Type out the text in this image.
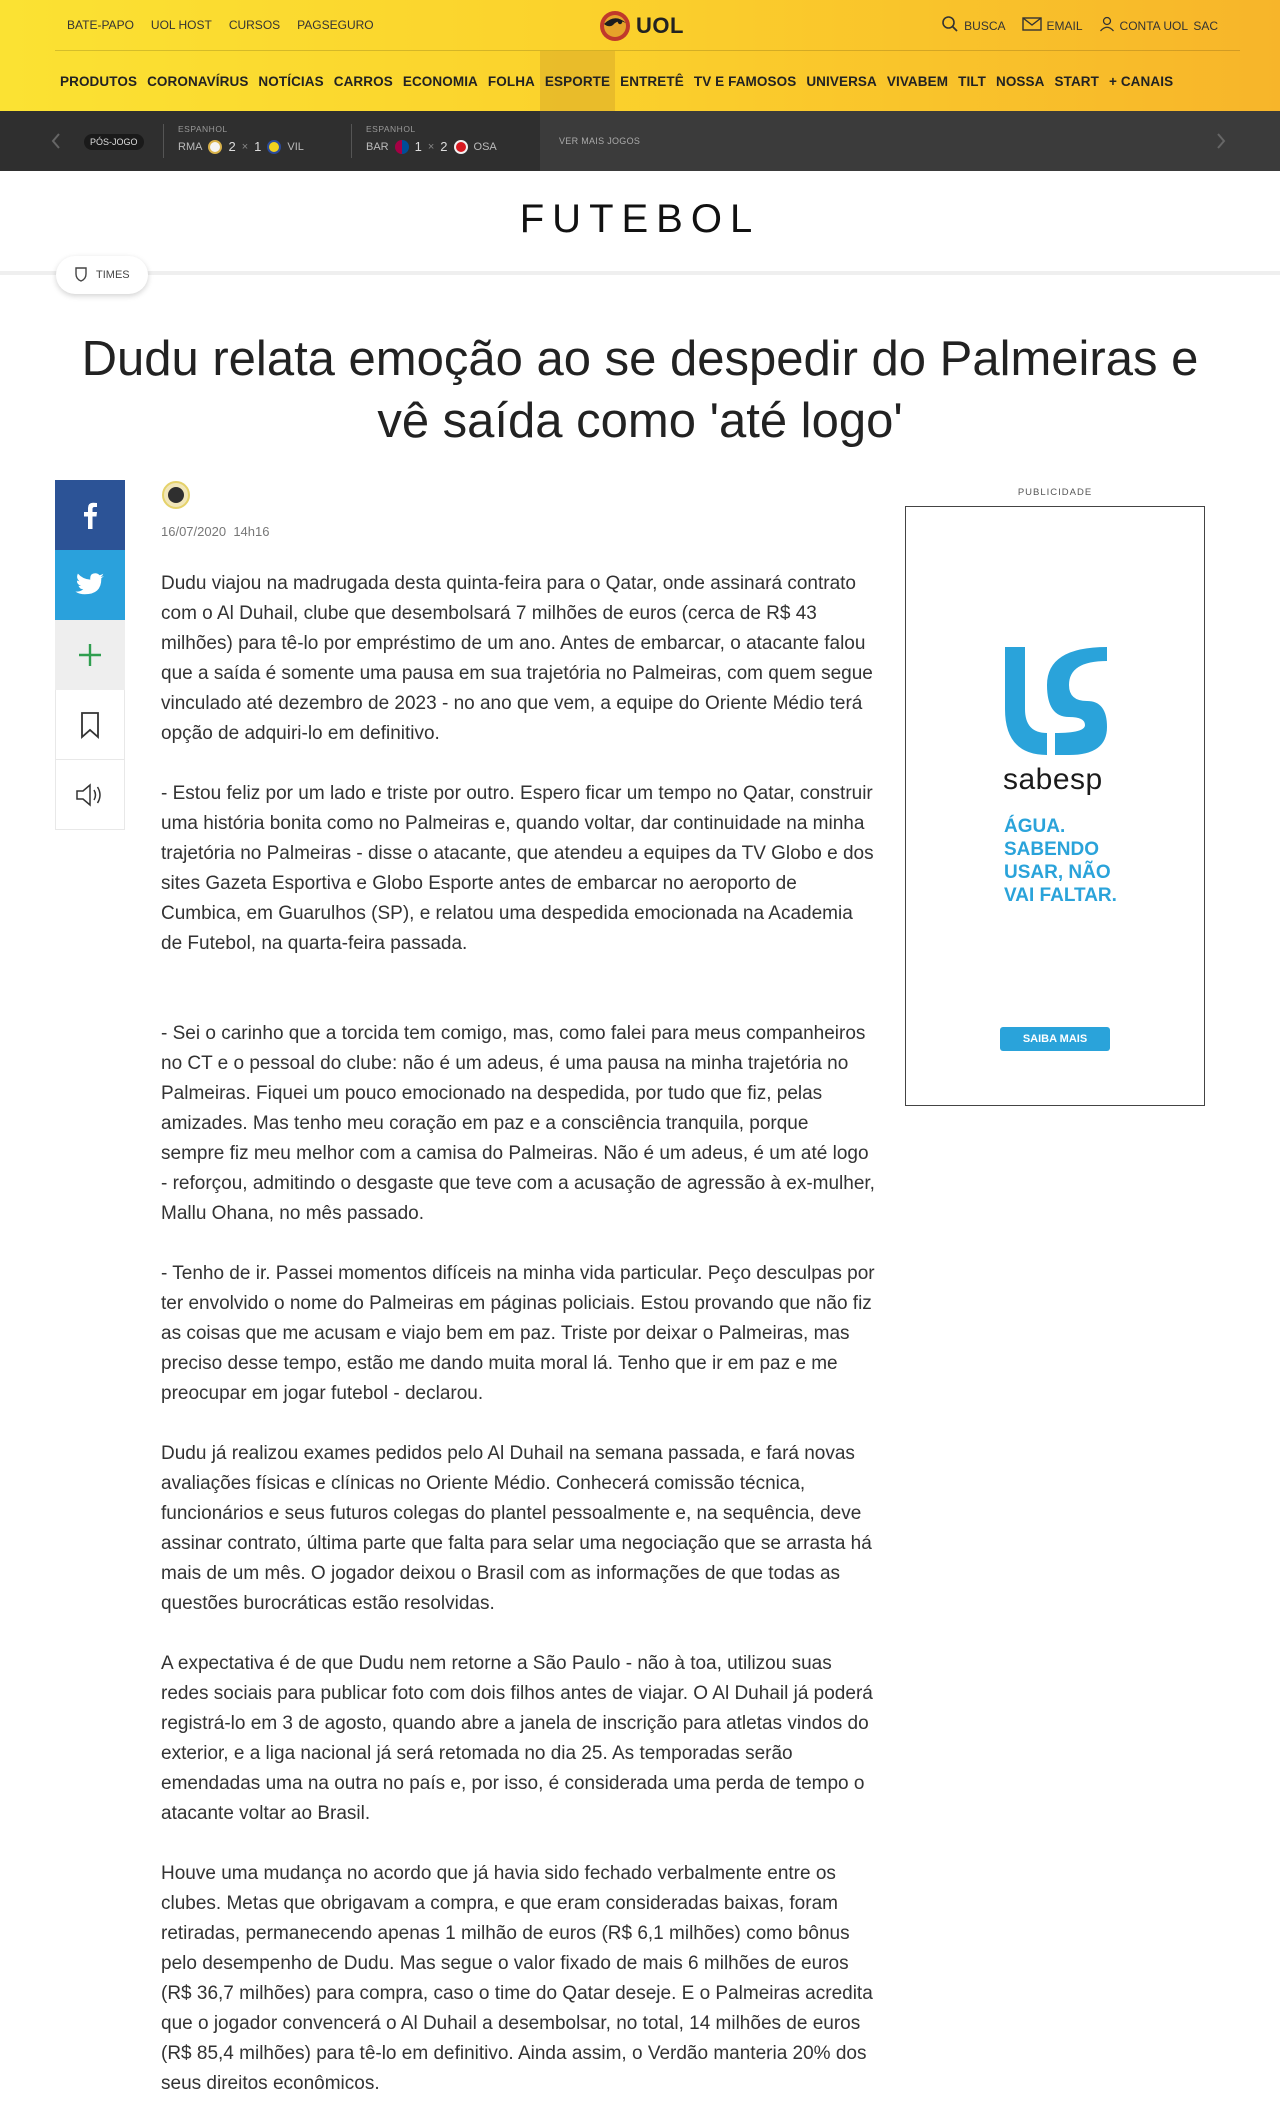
BATE-PAPO UOL HOST CURSOS PAGSEGURO	UOL	BUSCA	EMAIL	CONTA UOL SAC
PRODUTOS CORONAVÍRUS NOTÍCIAS CARROS ECONOMIA FOLHA ESPORTE ENTRETÊ TV E FAMOSOS UNIVERSA VIVABEM TILT NOSSA START + CANAIS
PÓS-JOGO
ESPANHOL
RMA 2 × 1 VIL
ESPANHOL
BAR 1 × 2 OSA	VER MAIS JOGOS
FUTEBOL
TIMES
Dudu relata emoção ao se despedir do Palmeiras e vê saída como 'até logo'
16/07/2020 14h16

Dudu viajou na madrugada desta quinta-feira para o Qatar, onde assinará contrato com o Al Duhail, clube que desembolsará 7 milhões de euros (cerca de R$ 43 milhões) para tê-lo por empréstimo de um ano. Antes de embarcar, o atacante falou que a saída é somente uma pausa em sua trajetória no Palmeiras, com quem segue vinculado até dezembro de 2023 - no ano que vem, a equipe do Oriente Médio terá opção de adquiri-lo em definitivo.

- Estou feliz por um lado e triste por outro. Espero ficar um tempo no Qatar, construir uma história bonita como no Palmeiras e, quando voltar, dar continuidade na minha trajetória no Palmeiras - disse o atacante, que atendeu a equipes da TV Globo e dos sites Gazeta Esportiva e Globo Esporte antes de embarcar no aeroporto de Cumbica, em Guarulhos (SP), e relatou uma despedida emocionada na Academia de Futebol, na quarta-feira passada.

- Sei o carinho que a torcida tem comigo, mas, como falei para meus companheiros no CT e o pessoal do clube: não é um adeus, é uma pausa na minha trajetória no Palmeiras. Fiquei um pouco emocionado na despedida, por tudo que fiz, pelas amizades. Mas tenho meu coração em paz e a consciência tranquila, porque sempre fiz meu melhor com a camisa do Palmeiras. Não é um adeus, é um até logo - reforçou, admitindo o desgaste que teve com a acusação de agressão à ex-mulher, Mallu Ohana, no mês passado.

- Tenho de ir. Passei momentos difíceis na minha vida particular. Peço desculpas por ter envolvido o nome do Palmeiras em páginas policiais. Estou provando que não fiz as coisas que me acusam e viajo bem em paz. Triste por deixar o Palmeiras, mas preciso desse tempo, estão me dando muita moral lá. Tenho que ir em paz e me preocupar em jogar futebol - declarou.

Dudu já realizou exames pedidos pelo Al Duhail na semana passada, e fará novas avaliações físicas e clínicas no Oriente Médio. Conhecerá comissão técnica, funcionários e seus futuros colegas do plantel pessoalmente e, na sequência, deve assinar contrato, última parte que falta para selar uma negociação que se arrasta há mais de um mês. O jogador deixou o Brasil com as informações de que todas as questões burocráticas estão resolvidas.

A expectativa é de que Dudu nem retorne a São Paulo - não à toa, utilizou suas redes sociais para publicar foto com dois filhos antes de viajar. O Al Duhail já poderá registrá-lo em 3 de agosto, quando abre a janela de inscrição para atletas vindos do exterior, e a liga nacional já será retomada no dia 25. As temporadas serão emendadas uma na outra no país e, por isso, é considerada uma perda de tempo o atacante voltar ao Brasil.

Houve uma mudança no acordo que já havia sido fechado verbalmente entre os clubes. Metas que obrigavam a compra, e que eram consideradas baixas, foram retiradas, permanecendo apenas 1 milhão de euros (R$ 6,1 milhões) como bônus pelo desempenho de Dudu. Mas segue o valor fixado de mais 6 milhões de euros (R$ 36,7 milhões) para compra, caso o time do Qatar deseje. E o Palmeiras acredita que o jogador convencerá o Al Duhail a desembolsar, no total, 14 milhões de euros (R$ 85,4 milhões) para tê-lo em definitivo. Ainda assim, o Verdão manteria 20% dos seus direitos econômicos.

PUBLICIDADE
sabesp
ÁGUA. SABENDO USAR, NÃO VAI FALTAR.
SAIBA MAIS
